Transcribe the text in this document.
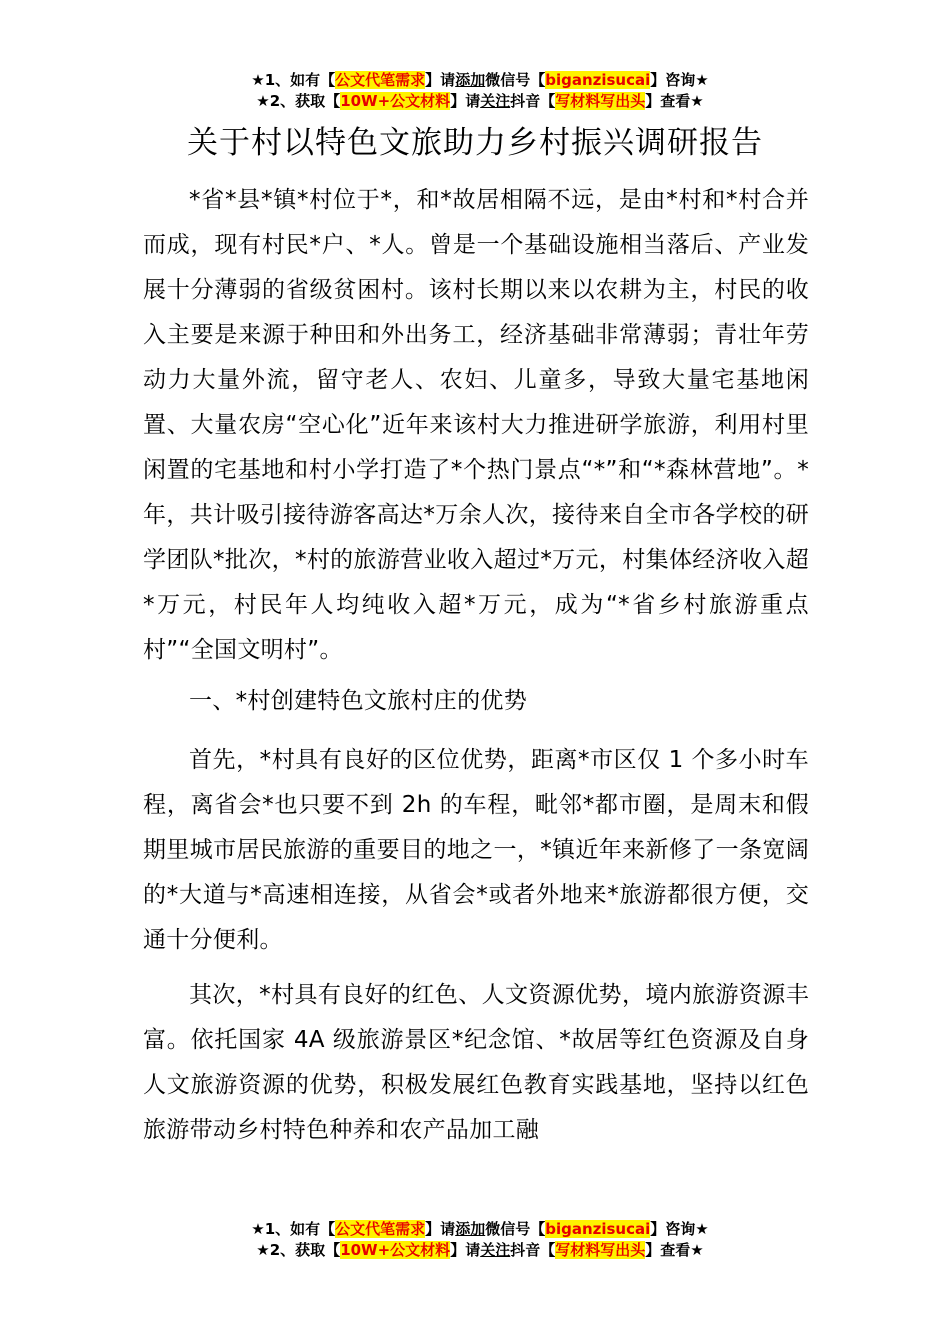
★1、如有【公文代笔需求】请添加微信号【biganzisucai】咨询★
★2、获取【10W+公文材料】请关注抖音【写材料写出头】查看★
关于村以特色文旅助力乡村振兴调研报告

*省*县*镇*村位于*，和*故居相隔不远，是由*村和*村合并而成，现有村民*户、*人。曾是一个基础设施相当落后、产业发展十分薄弱的省级贫困村。该村长期以来以农耕为主，村民的收入主要是来源于种田和外出务工，经济基础非常薄弱；青壮年劳动力大量外流，留守老人、农妇、儿童多，导致大量宅基地闲置、大量农房“空心化”近年来该村大力推进研学旅游，利用村里闲置的宅基地和村小学打造了*个热门景点“*”和“*森林营地”。*年，共计吸引接待游客高达*万余人次，接待来自全市各学校的研学团队*批次，*村的旅游营业收入超过*万元，村集体经济收入超*万元，村民年人均纯收入超*万元，成为“*省乡村旅游重点村”“全国文明村”。

一、*村创建特色文旅村庄的优势

首先，*村具有良好的区位优势，距离*市区仅 1 个多小时车程，离省会*也只要不到 2h 的车程，毗邻*都市圈，是周末和假期里城市居民旅游的重要目的地之一，*镇近年来新修了一条宽阔的*大道与*高速相连接，从省会*或者外地来*旅游都很方便，交通十分便利。

其次，*村具有良好的红色、人文资源优势，境内旅游资源丰富。依托国家 4A 级旅游景区*纪念馆、*故居等红色资源及自身人文旅游资源的优势，积极发展红色教育实践基地，坚持以红色旅游带动乡村特色种养和农产品加工融

★1、如有【公文代笔需求】请添加微信号【biganzisucai】咨询★
★2、获取【10W+公文材料】请关注抖音【写材料写出头】查看★
